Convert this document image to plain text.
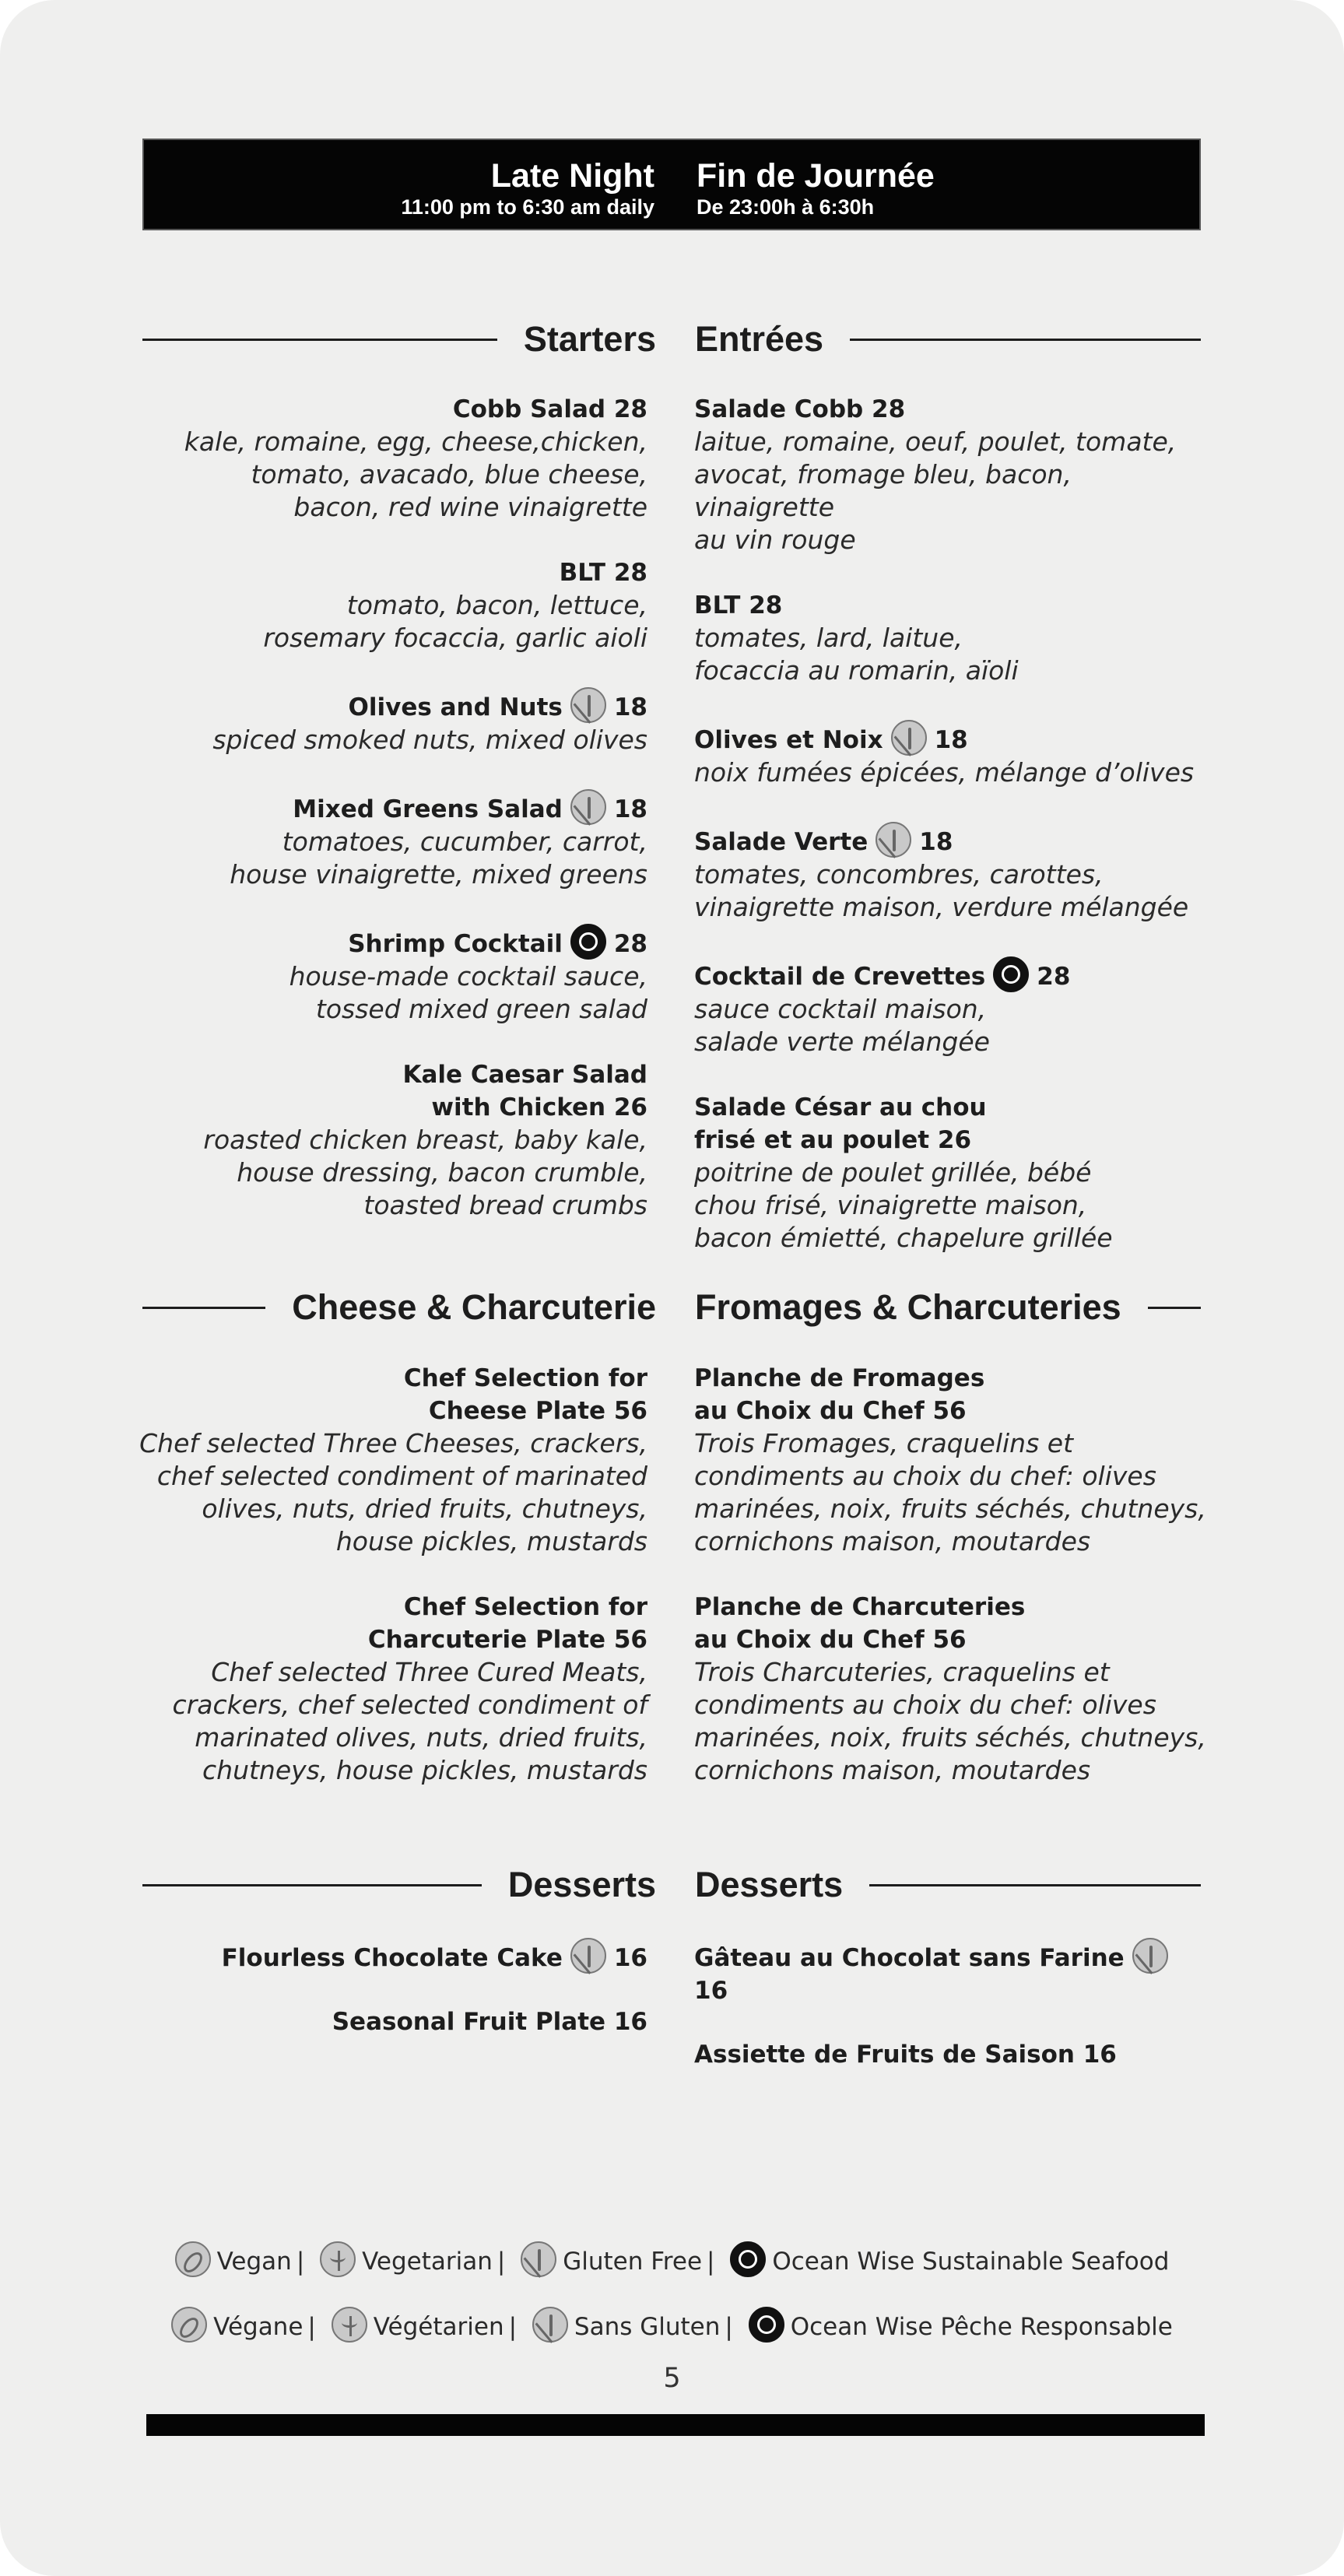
Late Night
11:00 pm to 6:30 am daily
Fin de Journée
De 23:00h à 6:30h
Starters Entrées
Cobb Salad 28
kale, romaine, egg, cheese,chicken,
tomato, avacado, blue cheese,
bacon, red wine vinaigrette
BLT 28
tomato, bacon, lettuce,
rosemary focaccia, garlic aioli
Olives and Nuts 18
spiced smoked nuts, mixed olives
Mixed Greens Salad 18
tomatoes, cucumber, carrot,
house vinaigrette, mixed greens
Shrimp Cocktail 28
house-made cocktail sauce,
tossed mixed green salad
Kale Caesar Salad
with Chicken 26
roasted chicken breast, baby kale,
house dressing, bacon crumble,
toasted bread crumbs
Salade Cobb 28
laitue, romaine, oeuf, poulet, tomate,
avocat, fromage bleu, bacon, vinaigrette
au vin rouge
BLT 28
tomates, lard, laitue,
focaccia au romarin, aïoli
Olives et Noix 18
noix fumées épicées, mélange d’olives
Salade Verte 18
tomates, concombres, carottes,
vinaigrette maison, verdure mélangée
Cocktail de Crevettes 28
sauce cocktail maison,
salade verte mélangée
Salade César au chou
frisé et au poulet 26
poitrine de poulet grillée, bébé
chou frisé, vinaigrette maison,
bacon émietté, chapelure grillée
Cheese & Charcuterie Fromages & Charcuteries
Chef Selection for
Cheese Plate 56
Chef selected Three Cheeses, crackers,
chef selected condiment of marinated
olives, nuts, dried fruits, chutneys,
house pickles, mustards
Chef Selection for
Charcuterie Plate 56
Chef selected Three Cured Meats,
crackers, chef selected condiment of
marinated olives, nuts, dried fruits,
chutneys, house pickles, mustards
Planche de Fromages
au Choix du Chef 56
Trois Fromages, craquelins et
condiments au choix du chef: olives
marinées, noix, fruits séchés, chutneys,
cornichons maison, moutardes
Planche de Charcuteries
au Choix du Chef 56
Trois Charcuteries, craquelins et
condiments au choix du chef: olives
marinées, noix, fruits séchés, chutneys,
cornichons maison, moutardes
Desserts Desserts
Flourless Chocolate Cake 16
Seasonal Fruit Plate 16
Gâteau au Chocolat sans Farine16
Assiette de Fruits de Saison 16
Vegan | Vegetarian | Gluten Free | Ocean Wise Sustainable Seafood
Végane | Végétarien | Sans Gluten | Ocean Wise Pêche Responsable
5
